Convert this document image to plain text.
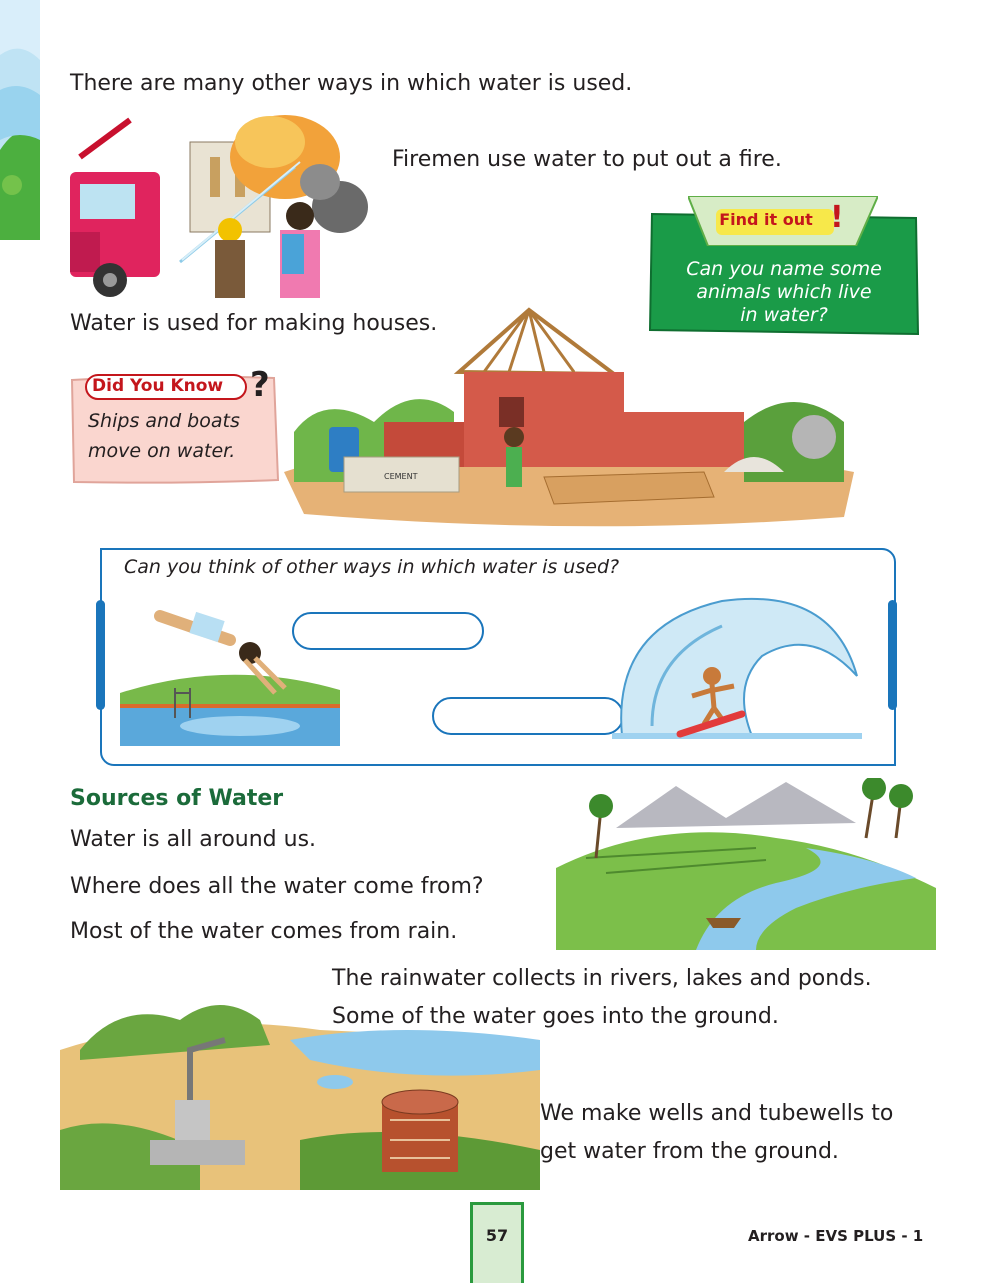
There are many other ways in which water is used.
Firemen use water to put out a fire.
Find it out !
Can you name some
animals which live
in water?
Water is used for making houses.
Did You Know ?
Ships and boats
move on water.
CEMENT
Can you think of other ways in which water is used?
Sources of Water
Water is all around us.
Where does all the water come from?
Most of the water comes from rain.
The rainwater collects in rivers, lakes and ponds.
Some of the water goes into the ground.
We make wells and tubewells to
get water from the ground.
57	Arrow - EVS PLUS - 1
